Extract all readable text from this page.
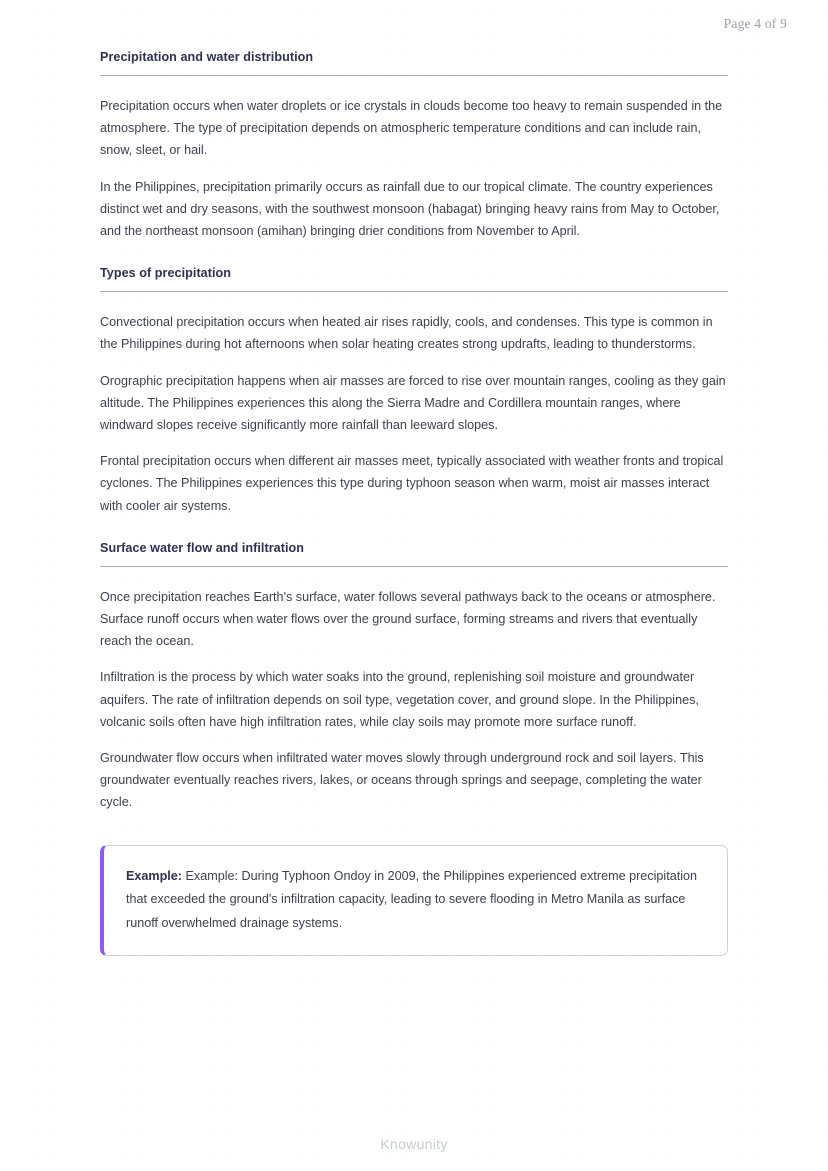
Page 4 of 9
Precipitation and water distribution

Precipitation occurs when water droplets or ice crystals in clouds become too heavy to remain suspended in the atmosphere. The type of precipitation depends on atmospheric temperature conditions and can include rain, snow, sleet, or hail.

In the Philippines, precipitation primarily occurs as rainfall due to our tropical climate. The country experiences distinct wet and dry seasons, with the southwest monsoon (habagat) bringing heavy rains from May to October, and the northeast monsoon (amihan) bringing drier conditions from November to April.

Types of precipitation

Convectional precipitation occurs when heated air rises rapidly, cools, and condenses. This type is common in the Philippines during hot afternoons when solar heating creates strong updrafts, leading to thunderstorms.

Orographic precipitation happens when air masses are forced to rise over mountain ranges, cooling as they gain altitude. The Philippines experiences this along the Sierra Madre and Cordillera mountain ranges, where windward slopes receive significantly more rainfall than leeward slopes.

Frontal precipitation occurs when different air masses meet, typically associated with weather fronts and tropical cyclones. The Philippines experiences this type during typhoon season when warm, moist air masses interact with cooler air systems.

Surface water flow and infiltration

Once precipitation reaches Earth's surface, water follows several pathways back to the oceans or atmosphere. Surface runoff occurs when water flows over the ground surface, forming streams and rivers that eventually reach the ocean.

Infiltration is the process by which water soaks into the ground, replenishing soil moisture and groundwater aquifers. The rate of infiltration depends on soil type, vegetation cover, and ground slope. In the Philippines, volcanic soils often have high infiltration rates, while clay soils may promote more surface runoff.

Groundwater flow occurs when infiltrated water moves slowly through underground rock and soil layers. This groundwater eventually reaches rivers, lakes, or oceans through springs and seepage, completing the water cycle.

Example: Example: During Typhoon Ondoy in 2009, the Philippines experienced extreme precipitation that exceeded the ground's infiltration capacity, leading to severe flooding in Metro Manila as surface runoff overwhelmed drainage systems.

Knowunity
